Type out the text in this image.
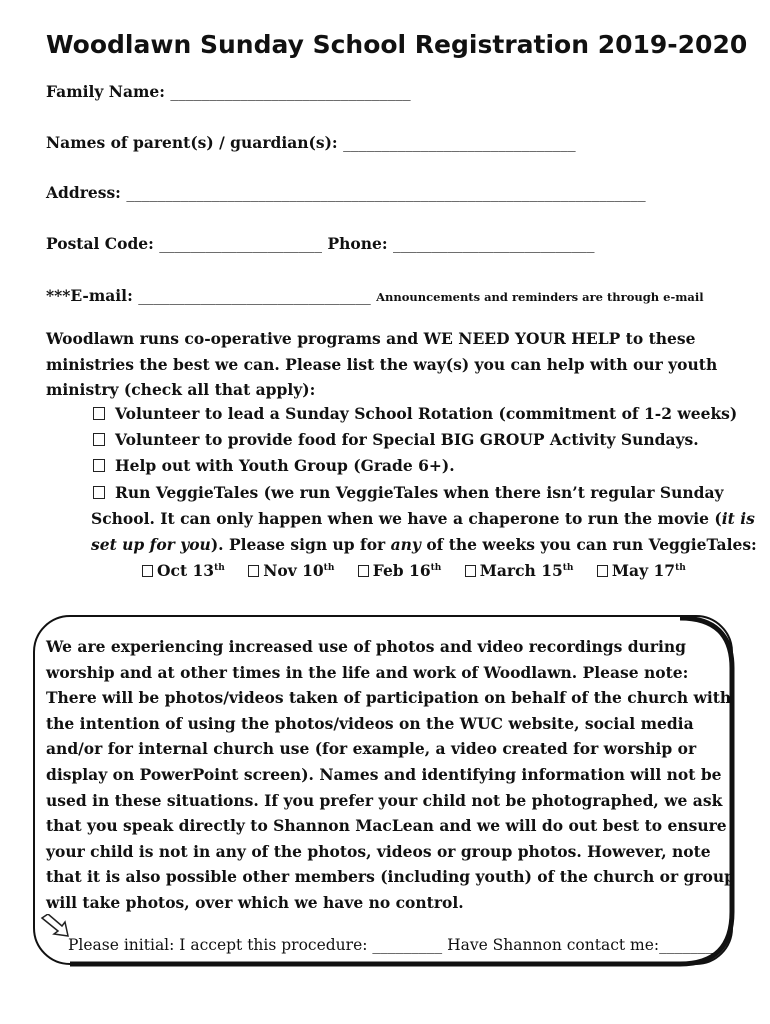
Woodlawn Sunday School Registration 2019-2020
Family Name: _______________________________
Names of parent(s) / guardian(s): ______________________________
Address: ___________________________________________________________________
Postal Code: _____________________ Phone: __________________________
***E-mail: ______________________________ Announcements and reminders are through e-mail
Woodlawn runs co-operative programs and WE NEED YOUR HELP to these ministries the best we can. Please list the way(s) you can help with our youth ministry (check all that apply):
Volunteer to lead a Sunday School Rotation (commitment of 1-2 weeks)
Volunteer to provide food for Special BIG GROUP Activity Sundays.
Help out with Youth Group (Grade 6+).
Run VeggieTales (we run VeggieTales when there isn’t regular Sunday
School. It can only happen when we have a chaperone to run the movie (it is
set up for you). Please sign up for any of the weeks you can run VeggieTales:
Oct 13th Nov 10th Feb 16th March 15th May 17th
We are experiencing increased use of photos and video recordings during worship and at other times in the life and work of Woodlawn. Please note: There will be photos/videos taken of participation on behalf of the church with the intention of using the photos/videos on the WUC website, social media and/or for internal church use (for example, a video created for worship or display on PowerPoint screen). Names and identifying information will not be used in these situations. If you prefer your child not be photographed, we ask that you speak directly to Shannon MacLean and we will do out best to ensure your child is not in any of the photos, videos or group photos. However, note that it is also possible other members (including youth) of the church or group will take photos, over which we have no control.
Please initial: I accept this procedure: _________ Have Shannon contact me:_______
